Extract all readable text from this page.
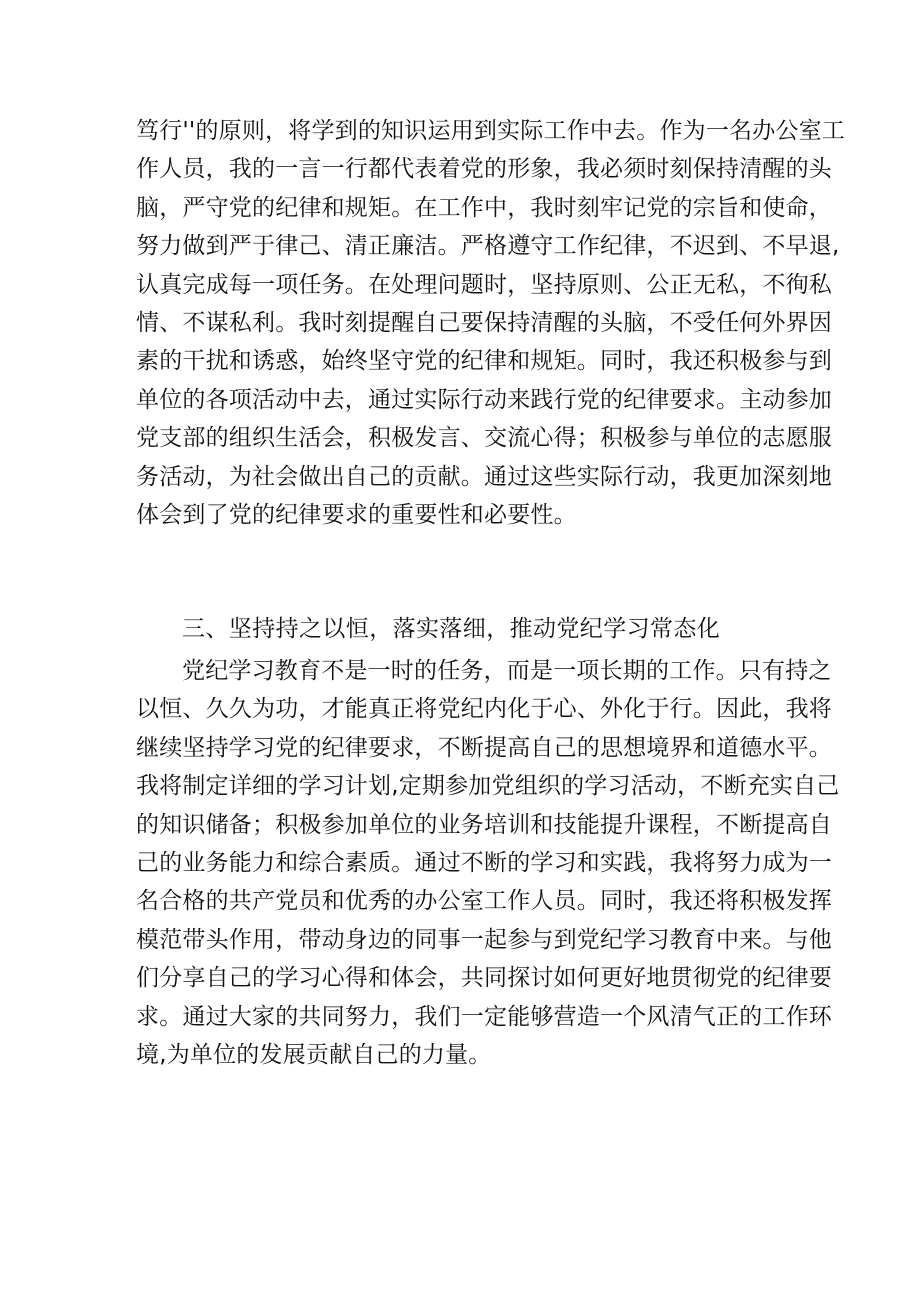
笃行''的原则，将学到的知识运用到实际工作中去。作为一名办公室工
作人员，我的一言一行都代表着党的形象，我必须时刻保持清醒的头
脑，严守党的纪律和规矩。在工作中，我时刻牢记党的宗旨和使命，
努力做到严于律己、清正廉洁。严格遵守工作纪律，不迟到、不早退,
认真完成每一项任务。在处理问题时，坚持原则、公正无私，不徇私
情、不谋私利。我时刻提醒自己要保持清醒的头脑，不受任何外界因
素的干扰和诱惑，始终坚守党的纪律和规矩。同时，我还积极参与到
单位的各项活动中去，通过实际行动来践行党的纪律要求。主动参加
党支部的组织生活会，积极发言、交流心得；积极参与单位的志愿服
务活动，为社会做出自己的贡献。通过这些实际行动，我更加深刻地
体会到了党的纪律要求的重要性和必要性。
三、坚持持之以恒，落实落细，推动党纪学习常态化
党纪学习教育不是一时的任务，而是一项长期的工作。只有持之
以恒、久久为功，才能真正将党纪内化于心、外化于行。因此，我将
继续坚持学习党的纪律要求，不断提高自己的思想境界和道德水平。
我将制定详细的学习计划,定期参加党组织的学习活动，不断充实自己
的知识储备；积极参加单位的业务培训和技能提升课程，不断提高自
己的业务能力和综合素质。通过不断的学习和实践，我将努力成为一
名合格的共产党员和优秀的办公室工作人员。同时，我还将积极发挥
模范带头作用，带动身边的同事一起参与到党纪学习教育中来。与他
们分享自己的学习心得和体会，共同探讨如何更好地贯彻党的纪律要
求。通过大家的共同努力，我们一定能够营造一个风清气正的工作环
境,为单位的发展贡献自己的力量。
